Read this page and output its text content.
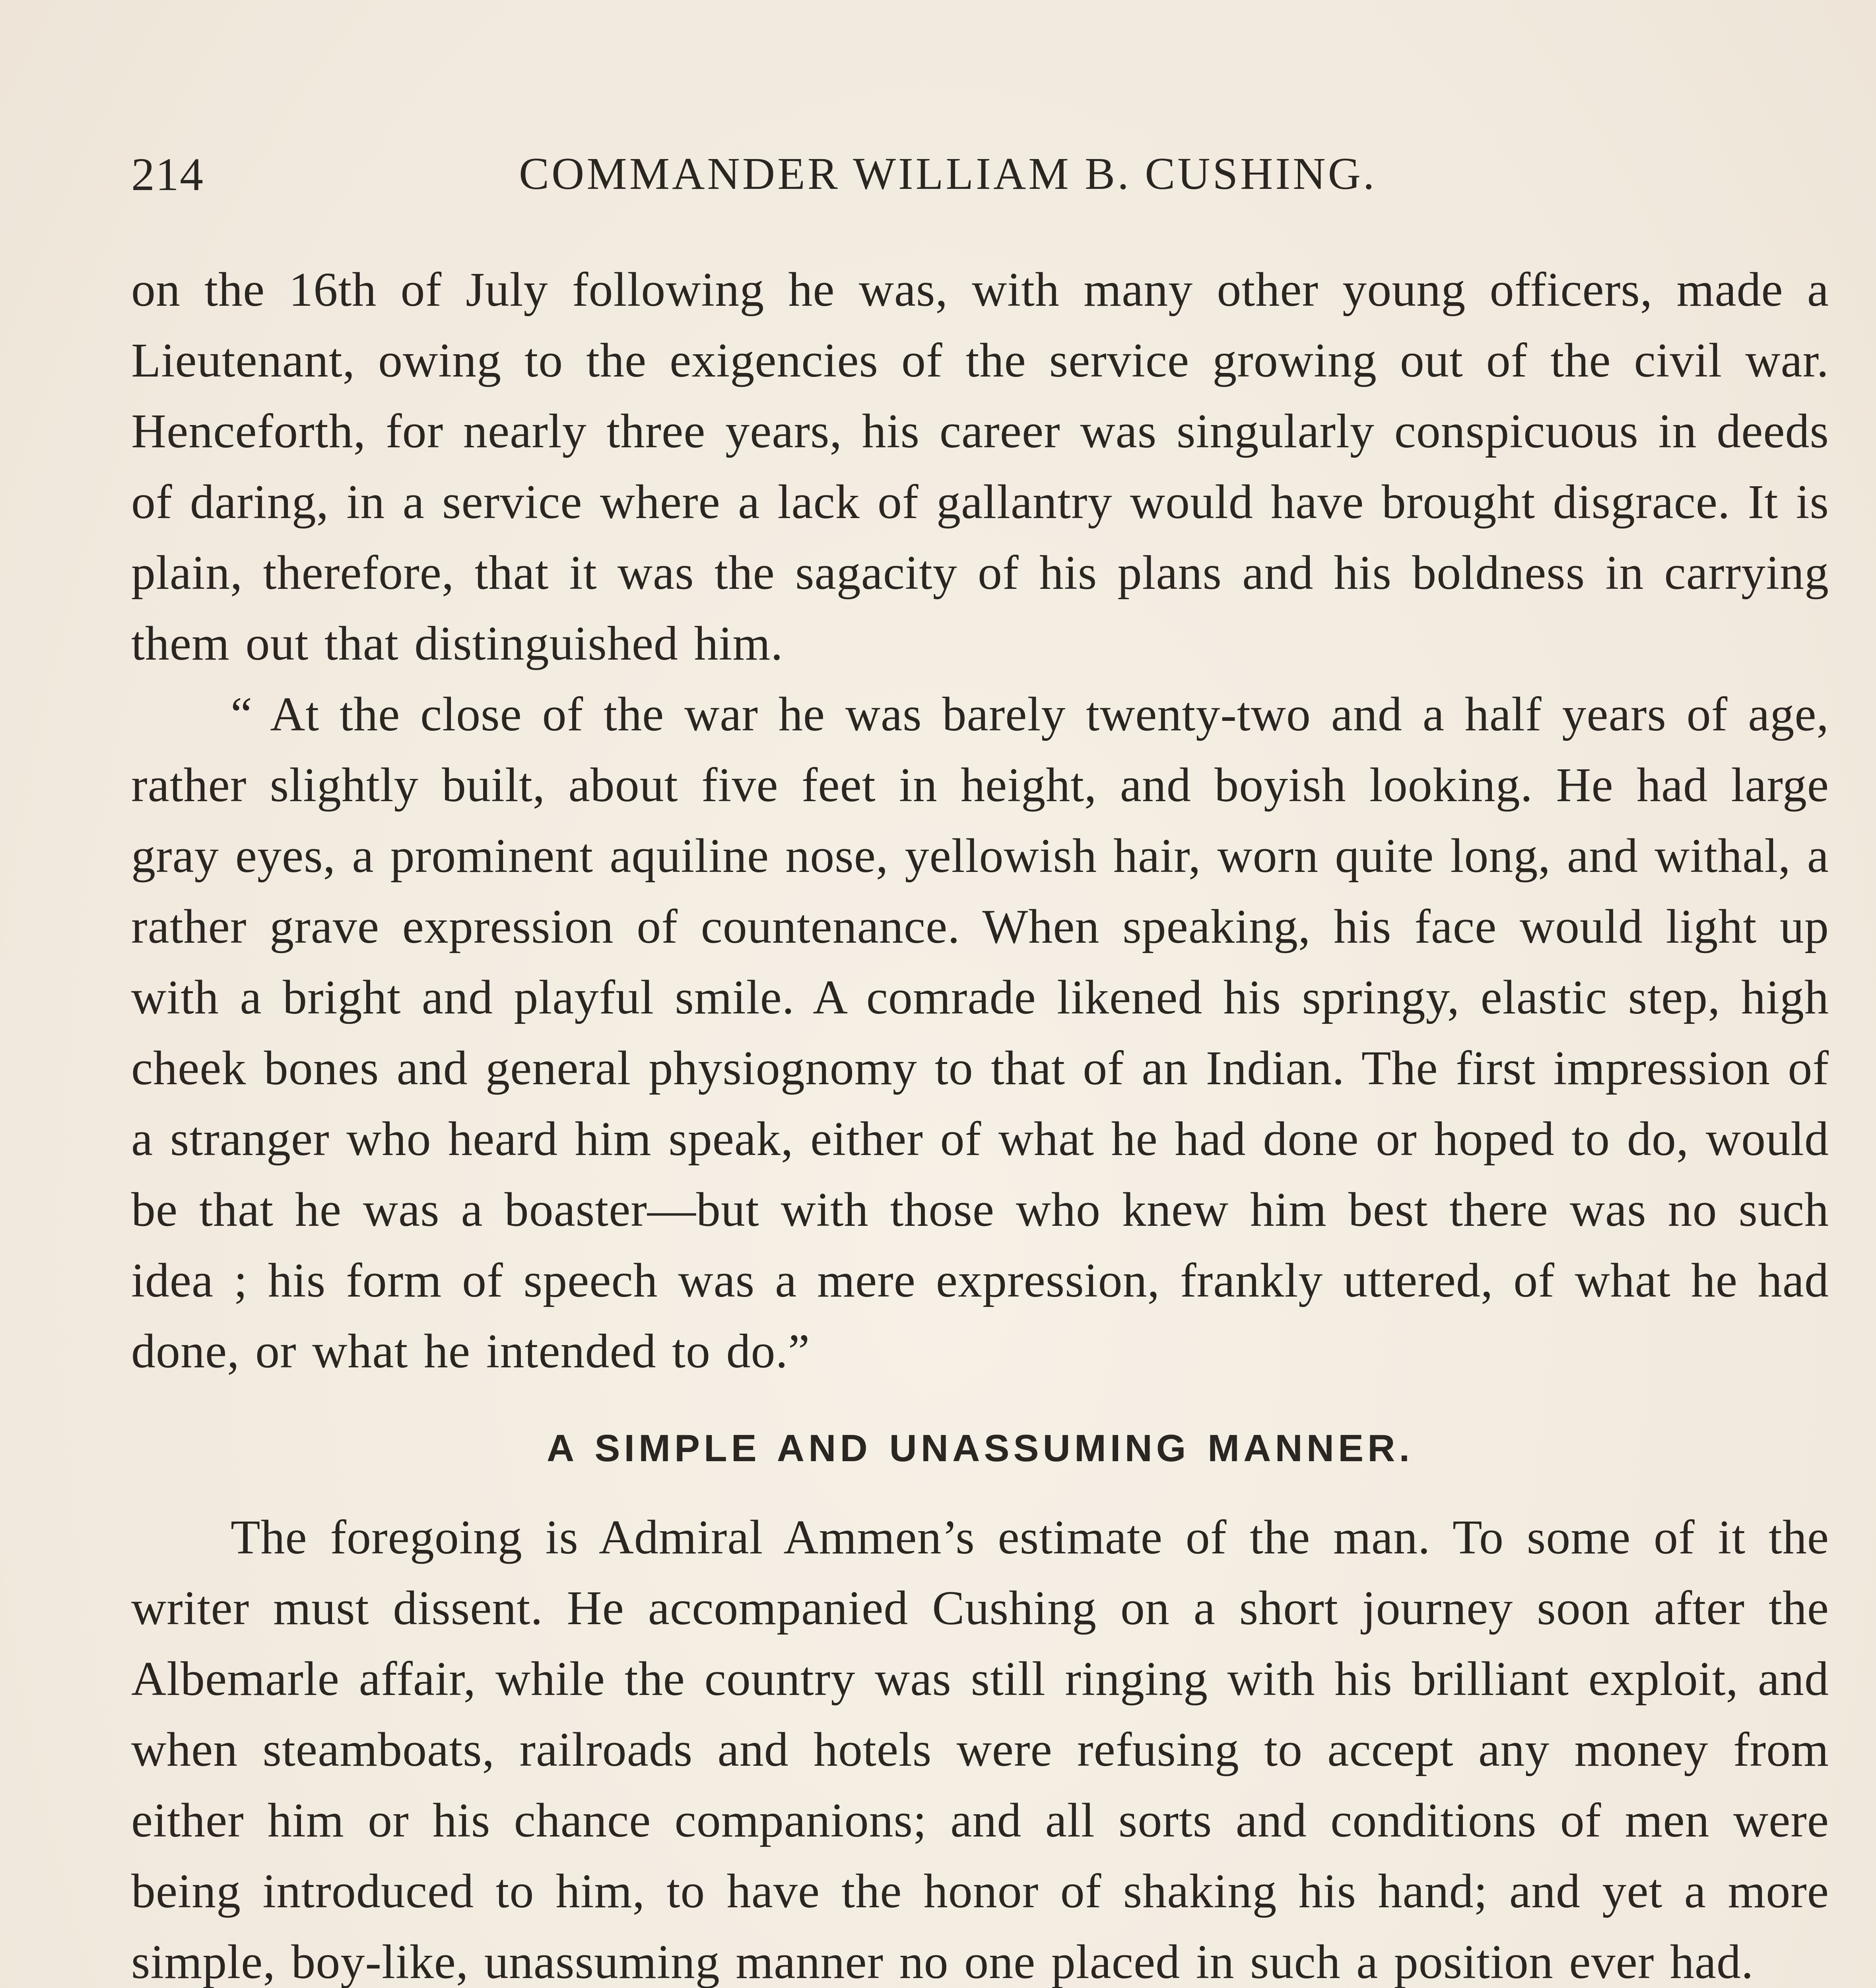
214	COMMANDER WILLIAM B. CUSHING.

on the 16th of July following he was, with many other young officers, made a Lieutenant, owing to the exigencies of the service growing out of the civil war. Henceforth, for nearly three years, his career was singularly conspicuous in deeds of daring, in a service where a lack of gallantry would have brought disgrace. It is plain, therefore, that it was the sagacity of his plans and his boldness in carrying them out that distinguished him.

“ At the close of the war he was barely twenty-two and a half years of age, rather slightly built, about five feet in height, and boyish looking. He had large gray eyes, a prominent aquiline nose, yellowish hair, worn quite long, and withal, a rather grave expression of countenance. When speaking, his face would light up with a bright and playful smile. A comrade likened his springy, elastic step, high cheek bones and general physiognomy to that of an Indian. The first impression of a stranger who heard him speak, either of what he had done or hoped to do, would be that he was a boaster—but with those who knew him best there was no such idea ; his form of speech was a mere expression, frankly uttered, of what he had done, or what he intended to do.”

A SIMPLE AND UNASSUMING MANNER.

The foregoing is Admiral Ammen’s estimate of the man. To some of it the writer must dissent. He accompanied Cushing on a short journey soon after the Albemarle affair, while the country was still ringing with his brilliant exploit, and when steamboats, railroads and hotels were refusing to accept any money from either him or his chance companions; and all sorts and conditions of men were being introduced to him, to have the honor of shaking his hand; and yet a more simple, boy-like, unassuming manner no one placed in such a position ever had.
